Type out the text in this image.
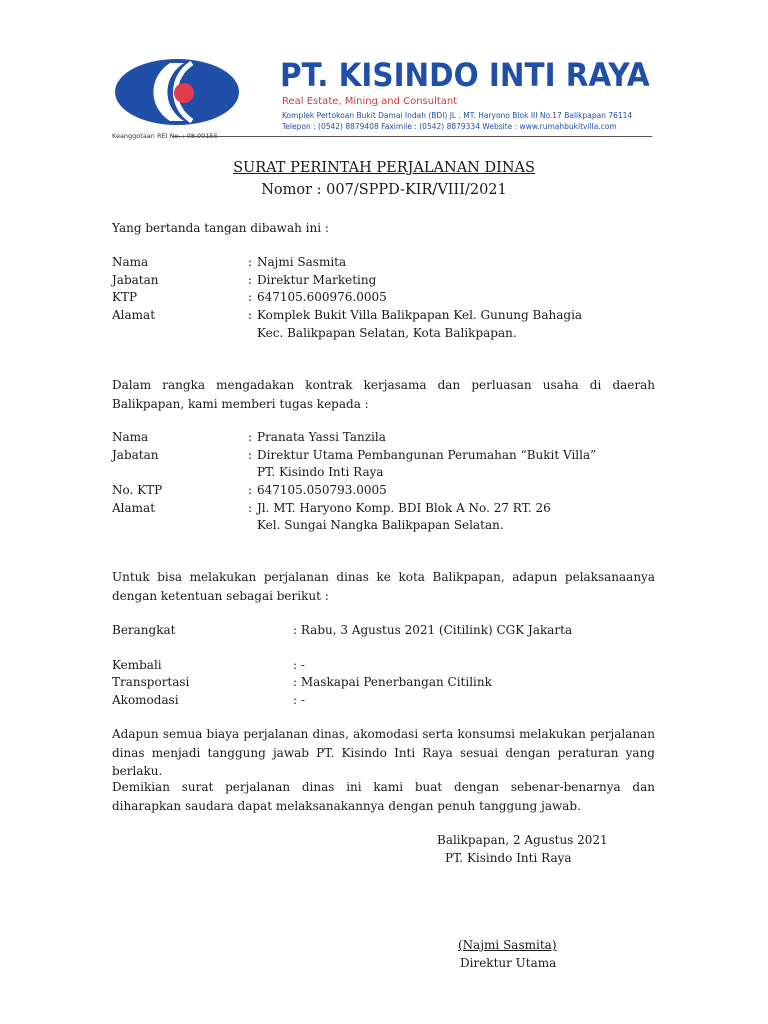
PT. KISINDO INTI RAYA
Real Estate, Mining and Consultant
Komplek Pertokoan Bukit Damai Indah (BDI) JL . MT. Haryono Blok III No.17 Balikpapan 76114
Telepon : (0542) 8879408 Faximile : (0542) 8879334 Website : www.rumahbukitvilla.com
Keanggotaan REI No. : 08.00155
SURAT PERINTAH PERJALANAN DINAS
Nomor : 007/SPPD-KIR/VIII/2021
Yang bertanda tangan dibawah ini :
Nama	: Najmi Sasmita
Jabatan	: Direktur Marketing
KTP	: 647105.600976.0005
Alamat	: Komplek Bukit Villa Balikpapan Kel. Gunung Bahagia
Kec. Balikpapan Selatan, Kota Balikpapan.
Dalam rangka mengadakan kontrak kerjasama dan perluasan usaha di daerah Balikpapan, kami memberi tugas kepada :
Nama	: Pranata Yassi Tanzila
Jabatan	: Direktur Utama Pembangunan Perumahan “Bukit Villa”
PT. Kisindo Inti Raya
No. KTP	: 647105.050793.0005
Alamat	: Jl. MT. Haryono Komp. BDI Blok A No. 27 RT. 26
Kel. Sungai Nangka Balikpapan Selatan.
Untuk bisa melakukan perjalanan dinas ke kota Balikpapan, adapun pelaksanaanya dengan ketentuan sebagai berikut :
Berangkat	: Rabu, 3 Agustus 2021 (Citilink) CGK Jakarta
Kembali	: -
Transportasi	: Maskapai Penerbangan Citilink
Akomodasi	: -
Adapun semua biaya perjalanan dinas, akomodasi serta konsumsi melakukan perjalanan dinas menjadi tanggung jawab PT. Kisindo Inti Raya sesuai dengan peraturan yang berlaku.
Demikian surat perjalanan dinas ini kami buat dengan sebenar-benarnya dan diharapkan saudara dapat melaksanakannya dengan penuh tanggung jawab.
Balikpapan, 2 Agustus 2021
PT. Kisindo Inti Raya
(Najmi Sasmita)
Direktur Utama
